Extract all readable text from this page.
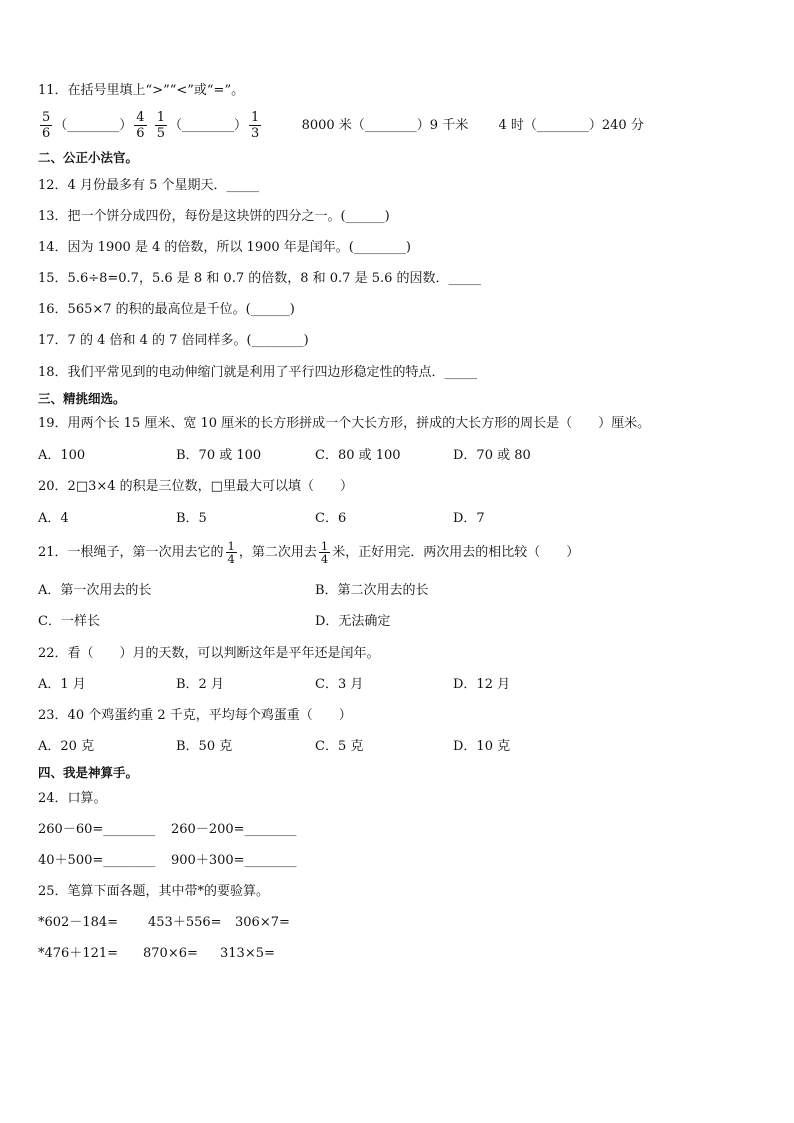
11．在括号里填上“>”“<”或“=”。
$\frac{5}{6}$ （________） $\frac{4}{6}$
$\frac{1}{5}$ （________） $\frac{1}{3}$	8000 米（________）9 千米 4 时（________）240 分
二、公正小法官。
12．4 月份最多有 5 个星期天．_____
13．把一个饼分成四份，每份是这块饼的四分之一。(______)
14．因为 1900 是 4 的倍数，所以 1900 年是闰年。(________)
15．5.6÷8=0.7，5.6 是 8 和 0.7 的倍数，8 和 0.7 是 5.6 的因数．_____
16．565×7 的积的最高位是千位。(______)
17．7 的 4 倍和 4 的 7 倍同样多。(________)
18．我们平常见到的电动伸缩门就是利用了平行四边形稳定性的特点．_____
三、精挑细选。
19．用两个长 15 厘米、宽 10 厘米的长方形拼成一个大长方形，拼成的大长方形的周长是（　　）厘米。
A．100	B．70 或 100	C．80 或 100	D．70 或 80
20．2□3×4 的积是三位数，□里最大可以填（　　）
A．4	B．5	C．6	D．7
21．一根绳子，第一次用去它的 $\frac{1}{4}$ ，第二次用去 $\frac{1}{4}$ 米，正好用完．两次用去的相比较（　　）
A．第一次用去的长	B．第二次用去的长
C．一样长	D．无法确定
22．看（　　）月的天数，可以判断这年是平年还是闰年。
A．1 月	B．2 月	C．3 月	D．12 月
23．40 个鸡蛋约重 2 千克，平均每个鸡蛋重（　　）
A．20 克	B．50 克	C．5 克	D．10 克
四、我是神算手。
24．口算。
260－60=________ 260－200=________
40＋500=________ 900＋300=________
25．笔算下面各题，其中带*的要验算。
*602－184= 453＋556= 306×7=
*476＋121= 870×6= 313×5=
